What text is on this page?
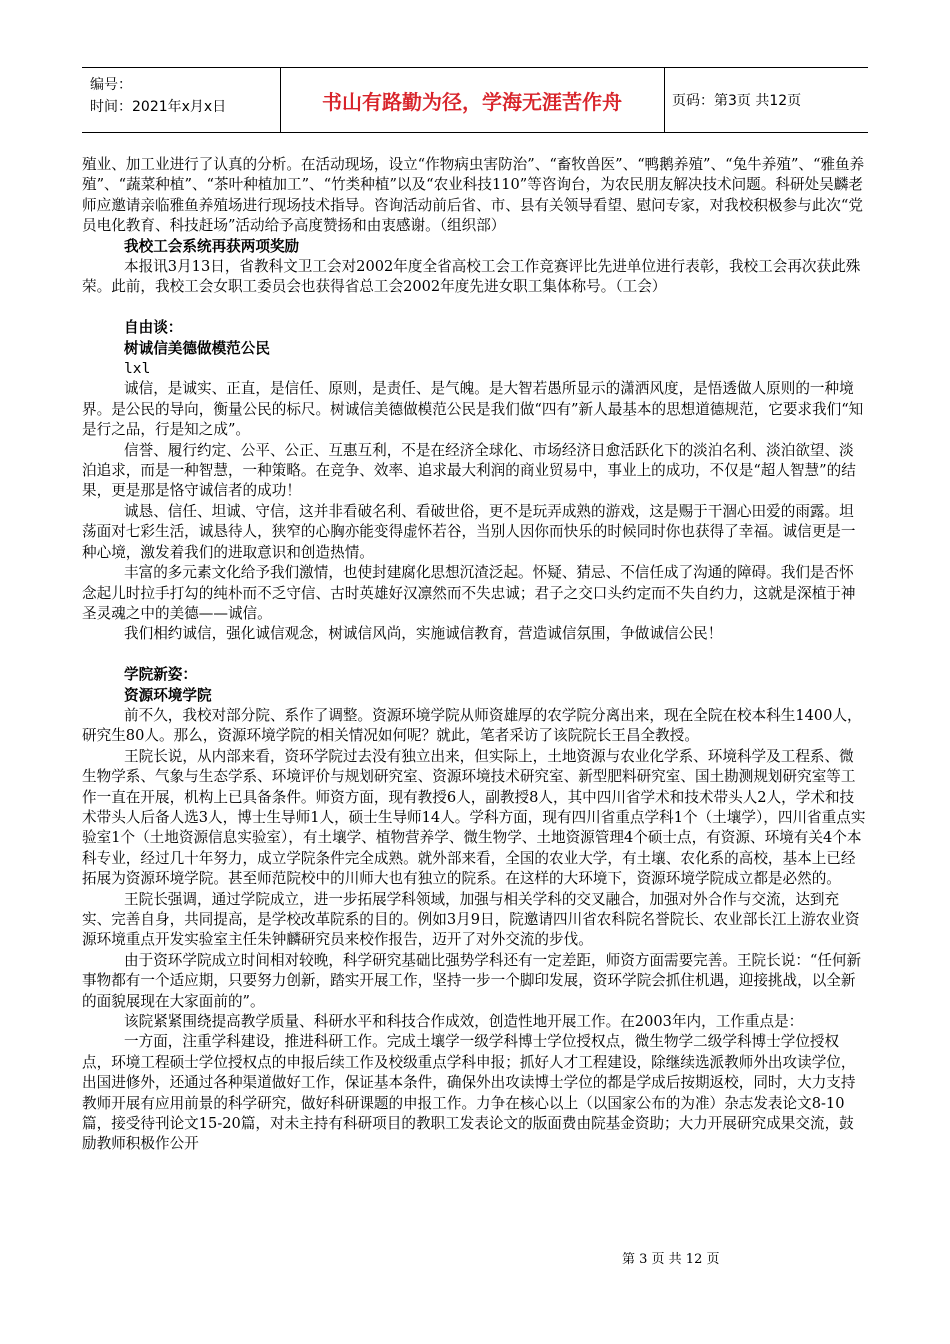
编号：
时间：2021年x月x日	书山有路勤为径，学海无涯苦作舟	页码：第3页 共12页

殖业、加工业进行了认真的分析。在活动现场，设立“作物病虫害防治”、“畜牧兽医”、“鸭鹅养殖”、“兔牛养殖”、“雅鱼养殖”、“蔬菜种植”、“茶叶种植加工”、“竹类种植”以及“农业科技110”等咨询台，为农民朋友解决技术问题。科研处吴麟老师应邀请亲临雅鱼养殖场进行现场技术指导。咨询活动前后省、市、县有关领导看望、慰问专家，对我校积极参与此次“党员电化教育、科技赶场”活动给予高度赞扬和由衷感谢。（组织部）

我校工会系统再获两项奖励

本报讯3月13日，省教科文卫工会对2002年度全省高校工会工作竞赛评比先进单位进行表彰，我校工会再次获此殊荣。此前，我校工会女职工委员会也获得省总工会2002年度先进女职工集体称号。（工会）

自由谈：

树诚信美德做模范公民

lxl

诚信，是诚实、正直，是信任、原则，是责任、是气魄。是大智若愚所显示的潇洒风度，是悟透做人原则的一种境界。是公民的导向，衡量公民的标尺。树诚信美德做模范公民是我们做“四有”新人最基本的思想道德规范，它要求我们“知是行之品，行是知之成”。

信誉、履行约定、公平、公正、互惠互利，不是在经济全球化、市场经济日愈活跃化下的淡泊名利、淡泊欲望、淡泊追求，而是一种智慧，一种策略。在竞争、效率、追求最大利润的商业贸易中，事业上的成功，不仅是“超人智慧”的结果，更是那是恪守诚信者的成功！

诚恳、信任、坦诚、守信，这并非看破名利、看破世俗，更不是玩弄成熟的游戏，这是赐于干涸心田爱的雨露。坦荡面对七彩生活，诚恳待人，狭窄的心胸亦能变得虚怀若谷，当别人因你而快乐的时候同时你也获得了幸福。诚信更是一种心境，激发着我们的进取意识和创造热情。

丰富的多元素文化给予我们激情，也使封建腐化思想沉渣泛起。怀疑、猜忌、不信任成了沟通的障碍。我们是否怀念起儿时拉手打勾的纯朴而不乏守信、古时英雄好汉凛然而不失忠诚；君子之交口头约定而不失自约力，这就是深植于神圣灵魂之中的美德——诚信。

我们相约诚信，强化诚信观念，树诚信风尚，实施诚信教育，营造诚信氛围，争做诚信公民！

学院新姿：

资源环境学院

前不久，我校对部分院、系作了调整。资源环境学院从师资雄厚的农学院分离出来，现在全院在校本科生1400人，研究生80人。那么，资源环境学院的相关情况如何呢？就此，笔者采访了该院院长王昌全教授。

王院长说，从内部来看，资环学院过去没有独立出来，但实际上，土地资源与农业化学系、环境科学及工程系、微生物学系、气象与生态学系、环境评价与规划研究室、资源环境技术研究室、新型肥料研究室、国土勘测规划研究室等工作一直在开展，机构上已具备条件。师资方面，现有教授6人，副教授8人，其中四川省学术和技术带头人2人，学术和技术带头人后备人选3人，博士生导师1人，硕士生导师14人。学科方面，现有四川省重点学科1个（土壤学），四川省重点实验室1个（土地资源信息实验室），有土壤学、植物营养学、微生物学、土地资源管理4个硕士点，有资源、环境有关4个本科专业，经过几十年努力，成立学院条件完全成熟。就外部来看，全国的农业大学，有土壤、农化系的高校，基本上已经拓展为资源环境学院。甚至师范院校中的川师大也有独立的院系。在这样的大环境下，资源环境学院成立都是必然的。

王院长强调，通过学院成立，进一步拓展学科领域，加强与相关学科的交叉融合，加强对外合作与交流，达到充实、完善自身，共同提高，是学校改革院系的目的。例如3月9日，院邀请四川省农科院名誉院长、农业部长江上游农业资源环境重点开发实验室主任朱钟麟研究员来校作报告，迈开了对外交流的步伐。

由于资环学院成立时间相对较晚，科学研究基础比强势学科还有一定差距，师资方面需要完善。王院长说：“任何新事物都有一个适应期，只要努力创新，踏实开展工作，坚持一步一个脚印发展，资环学院会抓住机遇，迎接挑战，以全新的面貌展现在大家面前的”。

该院紧紧围绕提高教学质量、科研水平和科技合作成效，创造性地开展工作。在2003年内，工作重点是：

一方面，注重学科建设，推进科研工作。完成土壤学一级学科博士学位授权点，微生物学二级学科博士学位授权点，环境工程硕士学位授权点的申报后续工作及校级重点学科申报；抓好人才工程建设，除继续选派教师外出攻读学位，出国进修外，还通过各种渠道做好工作，保证基本条件，确保外出攻读博士学位的都是学成后按期返校，同时，大力支持教师开展有应用前景的科学研究，做好科研课题的申报工作。力争在核心以上（以国家公布的为准）杂志发表论文8-10篇，接受待刊论文15-20篇，对未主持有科研项目的教职工发表论文的版面费由院基金资助；大力开展研究成果交流，鼓励教师积极作公开

第 3 页 共 12 页
